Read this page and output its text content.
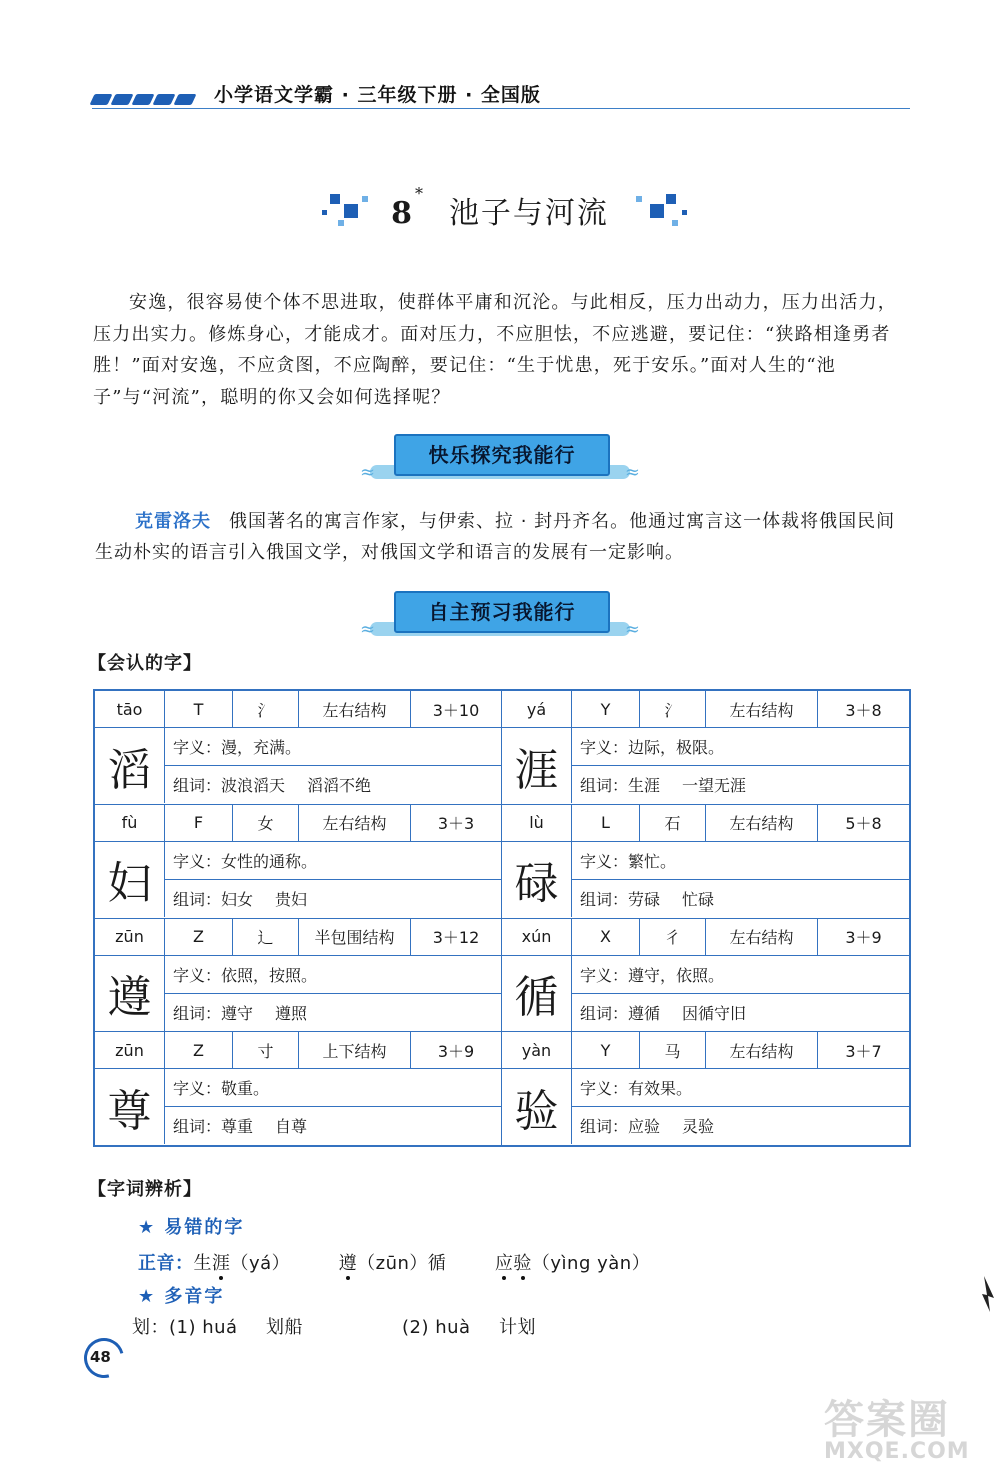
小学语文学霸 · 三年级下册 · 全国版
8*池子与河流
安逸，很容易使个体不思进取，使群体平庸和沉沦。与此相反，压力出动力，压力出活力，压力出实力。修炼身心，才能成才。面对压力，不应胆怯，不应逃避，要记住：“狭路相逢勇者胜！”面对安逸，不应贪图，不应陶醉，要记住：“生于忧患，死于安乐。”面对人生的“池子”与“河流”，聪明的你又会如何选择呢？
≈	≈
快乐探究我能行
克雷洛夫 俄国著名的寓言作家，与伊索、拉 · 封丹齐名。他通过寓言这一体裁将俄国民间生动朴实的语言引入俄国文学，对俄国文学和语言的发展有一定影响。
≈	≈
自主预习我能行
【会认的字】
tāo	T	氵	左右结构	3＋10
滔	字义：漫，充满。
组词： 波浪滔天 滔滔不绝
yá	Y	氵	左右结构	3＋8
涯	字义：边际，极限。
组词： 生涯 一望无涯
fù	F	女	左右结构	3＋3
妇	字义：女性的通称。
组词： 妇女 贵妇
lù	L	石	左右结构	5＋8
碌	字义：繁忙。
组词： 劳碌 忙碌
zūn	Z	辶	半包围结构	3＋12
遵	字义：依照，按照。
组词： 遵守 遵照
xún	X	彳	左右结构	3＋9
循	字义：遵守，依照。
组词： 遵循 因循守旧
zūn	Z	寸	上下结构	3＋9
尊	字义：敬重。
组词： 尊重 自尊
yàn	Y	马	左右结构	3＋7
验	字义：有效果。
组词： 应验 灵验
【字词辨析】
★ 易错的字
正音：生涯（yá）	遵（zūn）循	应验（yìng yàn）
★ 多音字
划：(1) huá 划船	(2) huà 计划
48
答案圈
MXQE.COM
